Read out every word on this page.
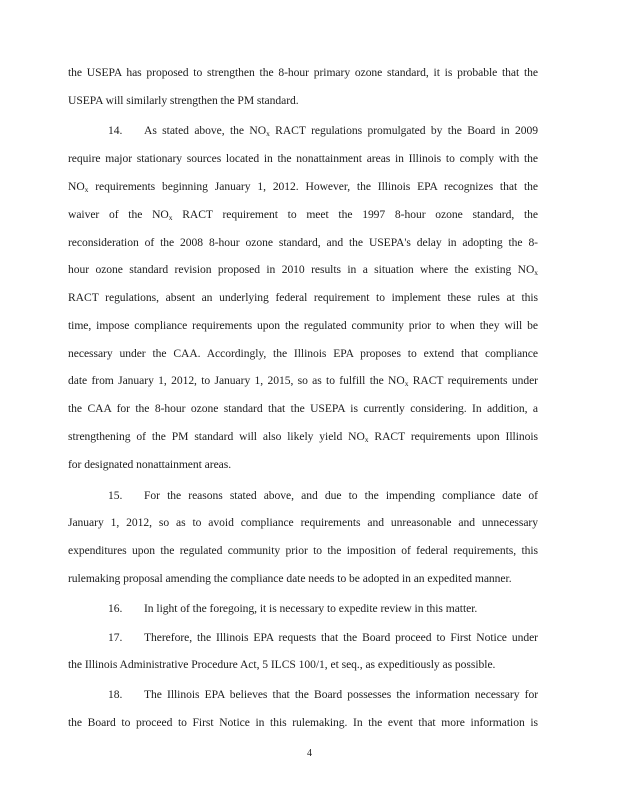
the USEPA has proposed to strengthen the 8-hour primary ozone standard, it is probable that the
USEPA will similarly strengthen the PM standard.
14. As stated above, the $NO_x$ RACT regulations promulgated by the Board in 2009
require major stationary sources located in the nonattainment areas in Illinois to comply with the
$NO_x$ requirements beginning January 1, 2012. However, the Illinois EPA recognizes that the
waiver of the $NO_x$ RACT requirement to meet the 1997 8-hour ozone standard, the
reconsideration of the 2008 8-hour ozone standard, and the USEPA's delay in adopting the 8-
hour ozone standard revision proposed in 2010 results in a situation where the existing $NO_x$
RACT regulations, absent an underlying federal requirement to implement these rules at this
time, impose compliance requirements upon the regulated community prior to when they will be
necessary under the CAA. Accordingly, the Illinois EPA proposes to extend that compliance
date from January 1, 2012, to January 1, 2015, so as to fulfill the $NO_x$ RACT requirements under
the CAA for the 8-hour ozone standard that the USEPA is currently considering. In addition, a
strengthening of the PM standard will also likely yield $NO_x$ RACT requirements upon Illinois
for designated nonattainment areas.
15. For the reasons stated above, and due to the impending compliance date of
January 1, 2012, so as to avoid compliance requirements and unreasonable and unnecessary
expenditures upon the regulated community prior to the imposition of federal requirements, this
rulemaking proposal amending the compliance date needs to be adopted in an expedited manner.
16. In light of the foregoing, it is necessary to expedite review in this matter.
17. Therefore, the Illinois EPA requests that the Board proceed to First Notice under
the Illinois Administrative Procedure Act, 5 ILCS 100/1, et seq., as expeditiously as possible.
18. The Illinois EPA believes that the Board possesses the information necessary for
the Board to proceed to First Notice in this rulemaking. In the event that more information is
4
